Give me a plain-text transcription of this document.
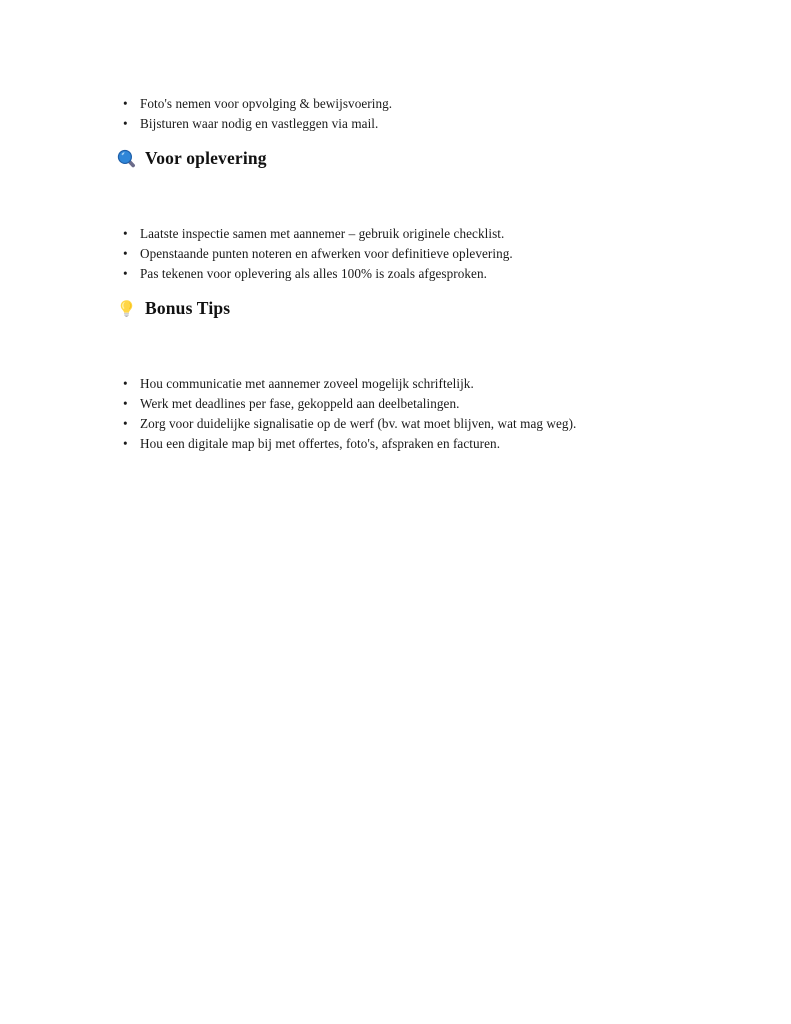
• Foto's nemen voor opvolging & bewijsvoering.
• Bijsturen waar nodig en vastleggen via mail.
Voor oplevering
• Laatste inspectie samen met aannemer – gebruik originele checklist.
• Openstaande punten noteren en afwerken voor definitieve oplevering.
• Pas tekenen voor oplevering als alles 100% is zoals afgesproken.
Bonus Tips
• Hou communicatie met aannemer zoveel mogelijk schriftelijk.
• Werk met deadlines per fase, gekoppeld aan deelbetalingen.
• Zorg voor duidelijke signalisatie op de werf (bv. wat moet blijven, wat mag weg).
• Hou een digitale map bij met offertes, foto's, afspraken en facturen.
